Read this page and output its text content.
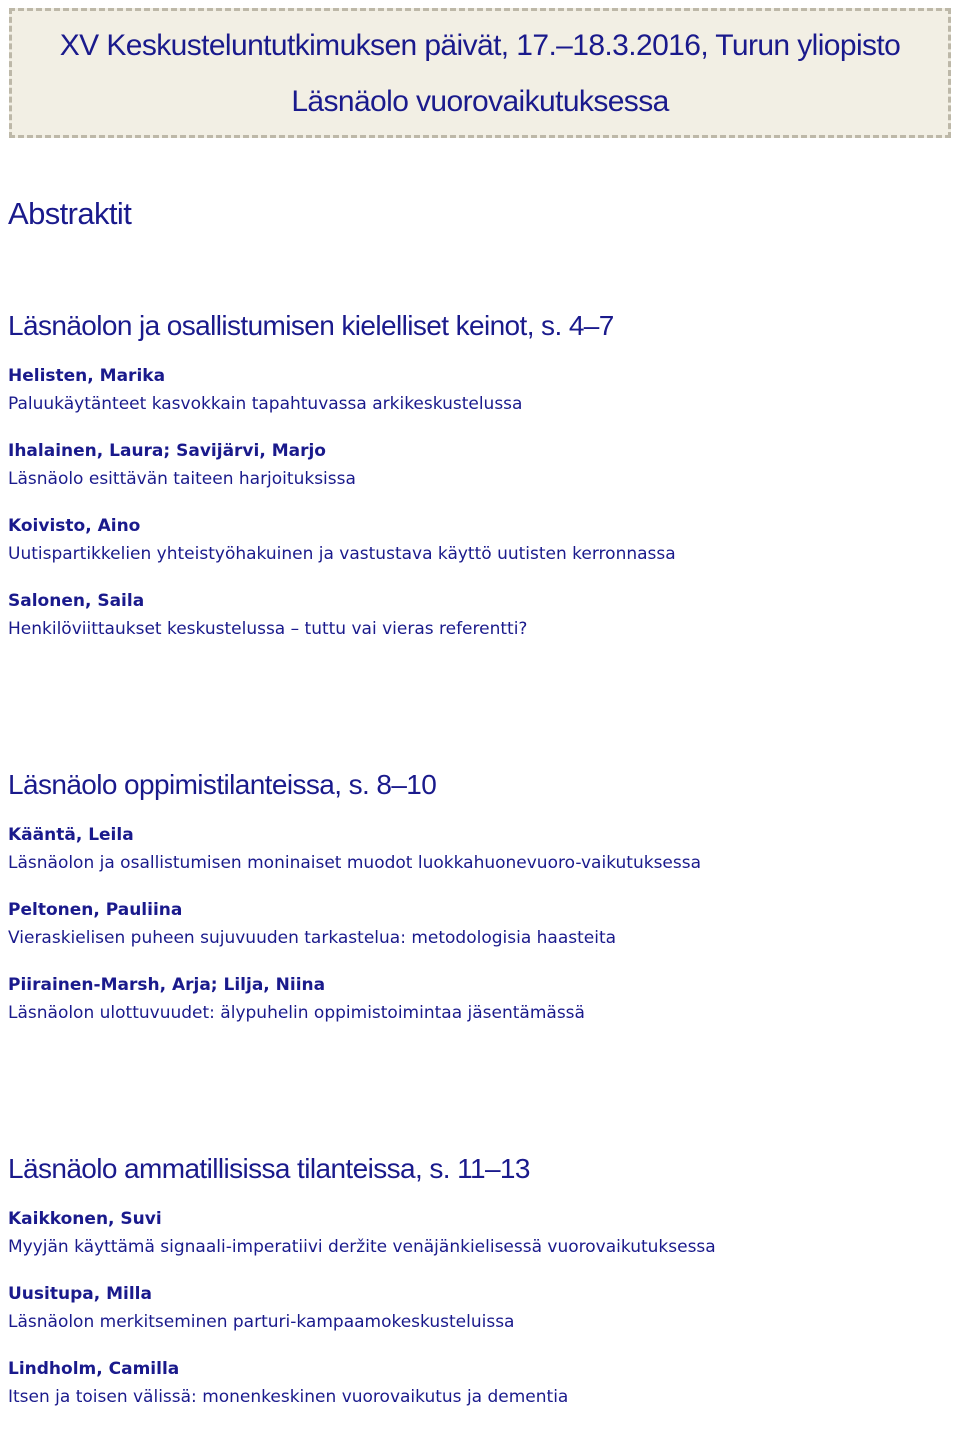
XV Keskusteluntutkimuksen päivät, 17.–18.3.2016, Turun yliopisto
Läsnäolo vuorovaikutuksessa
Abstraktit
Läsnäolon ja osallistumisen kielelliset keinot, s. 4–7
Helisten, Marika
Paluukäytänteet kasvokkain tapahtuvassa arkikeskustelussa
Ihalainen, Laura; Savijärvi, Marjo
Läsnäolo esittävän taiteen harjoituksissa
Koivisto, Aino
Uutispartikkelien yhteistyöhakuinen ja vastustava käyttö uutisten kerronnassa
Salonen, Saila
Henkilöviittaukset keskustelussa – tuttu vai vieras referentti?
Läsnäolo oppimistilanteissa, s. 8–10
Kääntä, Leila
Läsnäolon ja osallistumisen moninaiset muodot luokkahuonevuoro-vaikutuksessa
Peltonen, Pauliina
Vieraskielisen puheen sujuvuuden tarkastelua: metodologisia haasteita
Piirainen-Marsh, Arja; Lilja, Niina
Läsnäolon ulottuvuudet: älypuhelin oppimistoimintaa jäsentämässä
Läsnäolo ammatillisissa tilanteissa, s. 11–13
Kaikkonen, Suvi
Myyjän käyttämä signaali-imperatiivi deržite venäjänkielisessä vuorovaikutuksessa
Uusitupa, Milla
Läsnäolon merkitseminen parturi-kampaamokeskusteluissa
Lindholm, Camilla
Itsen ja toisen välissä: monenkeskinen vuorovaikutus ja dementia
